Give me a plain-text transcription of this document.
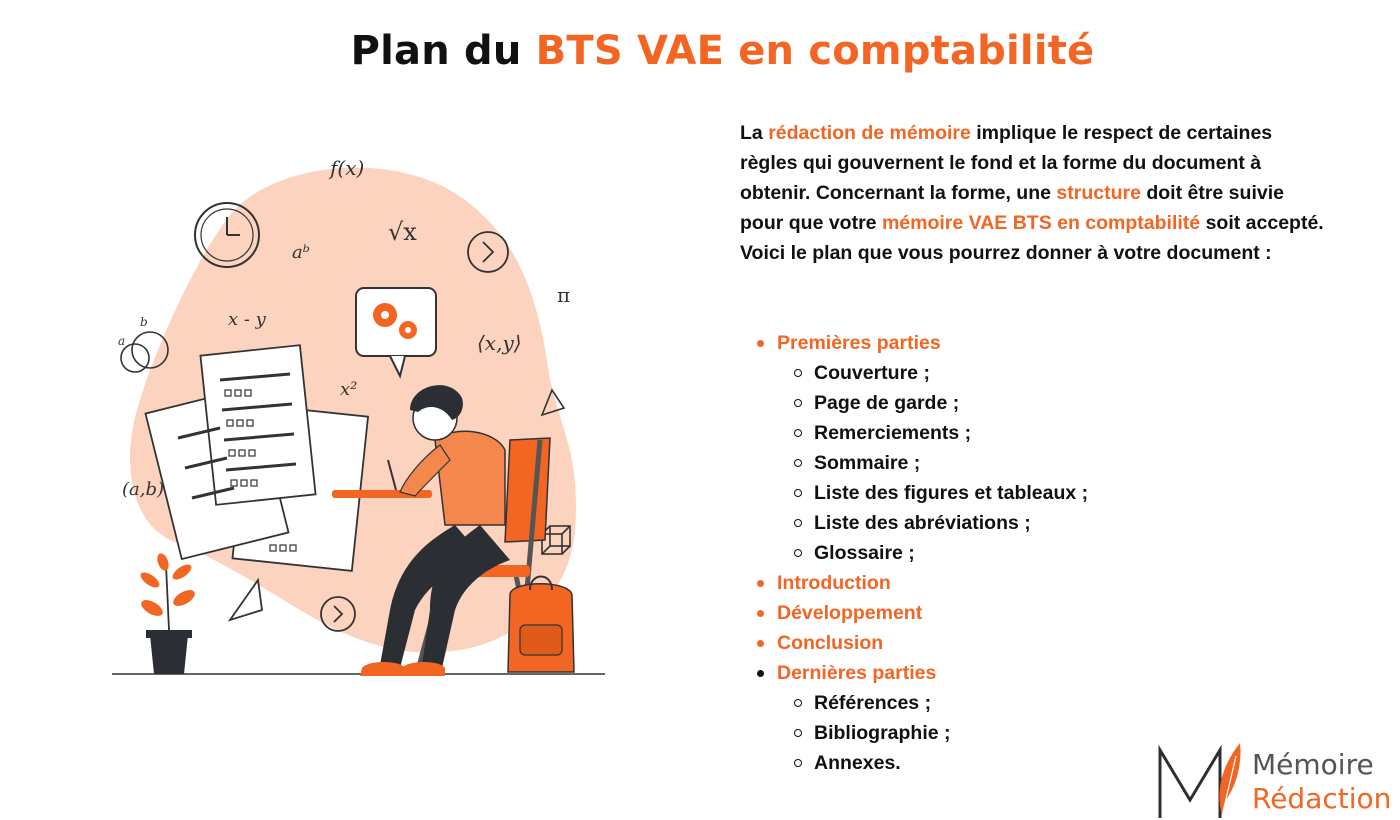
Plan du BTS VAE en comptabilité
f(x)
√x
aᵇ
x - y
⟨x,y⟩
π
x²
(a,b)
a
b

La rédaction de mémoire implique le respect de certaines règles qui gouvernent le fond et la forme du document à obtenir. Concernant la forme, une structure doit être suivie pour que votre mémoire VAE BTS en comptabilité soit accepté.

Voici le plan que vous pourrez donner à votre document :

Premières parties
Couverture ;
Page de garde ;
Remerciements ;
Sommaire ;
Liste des figures et tableaux ;
Liste des abréviations ;
Glossaire ;
Introduction
Développement
Conclusion
Dernières parties
Références ;
Bibliographie ;
Annexes.	Mémoire
Rédaction
